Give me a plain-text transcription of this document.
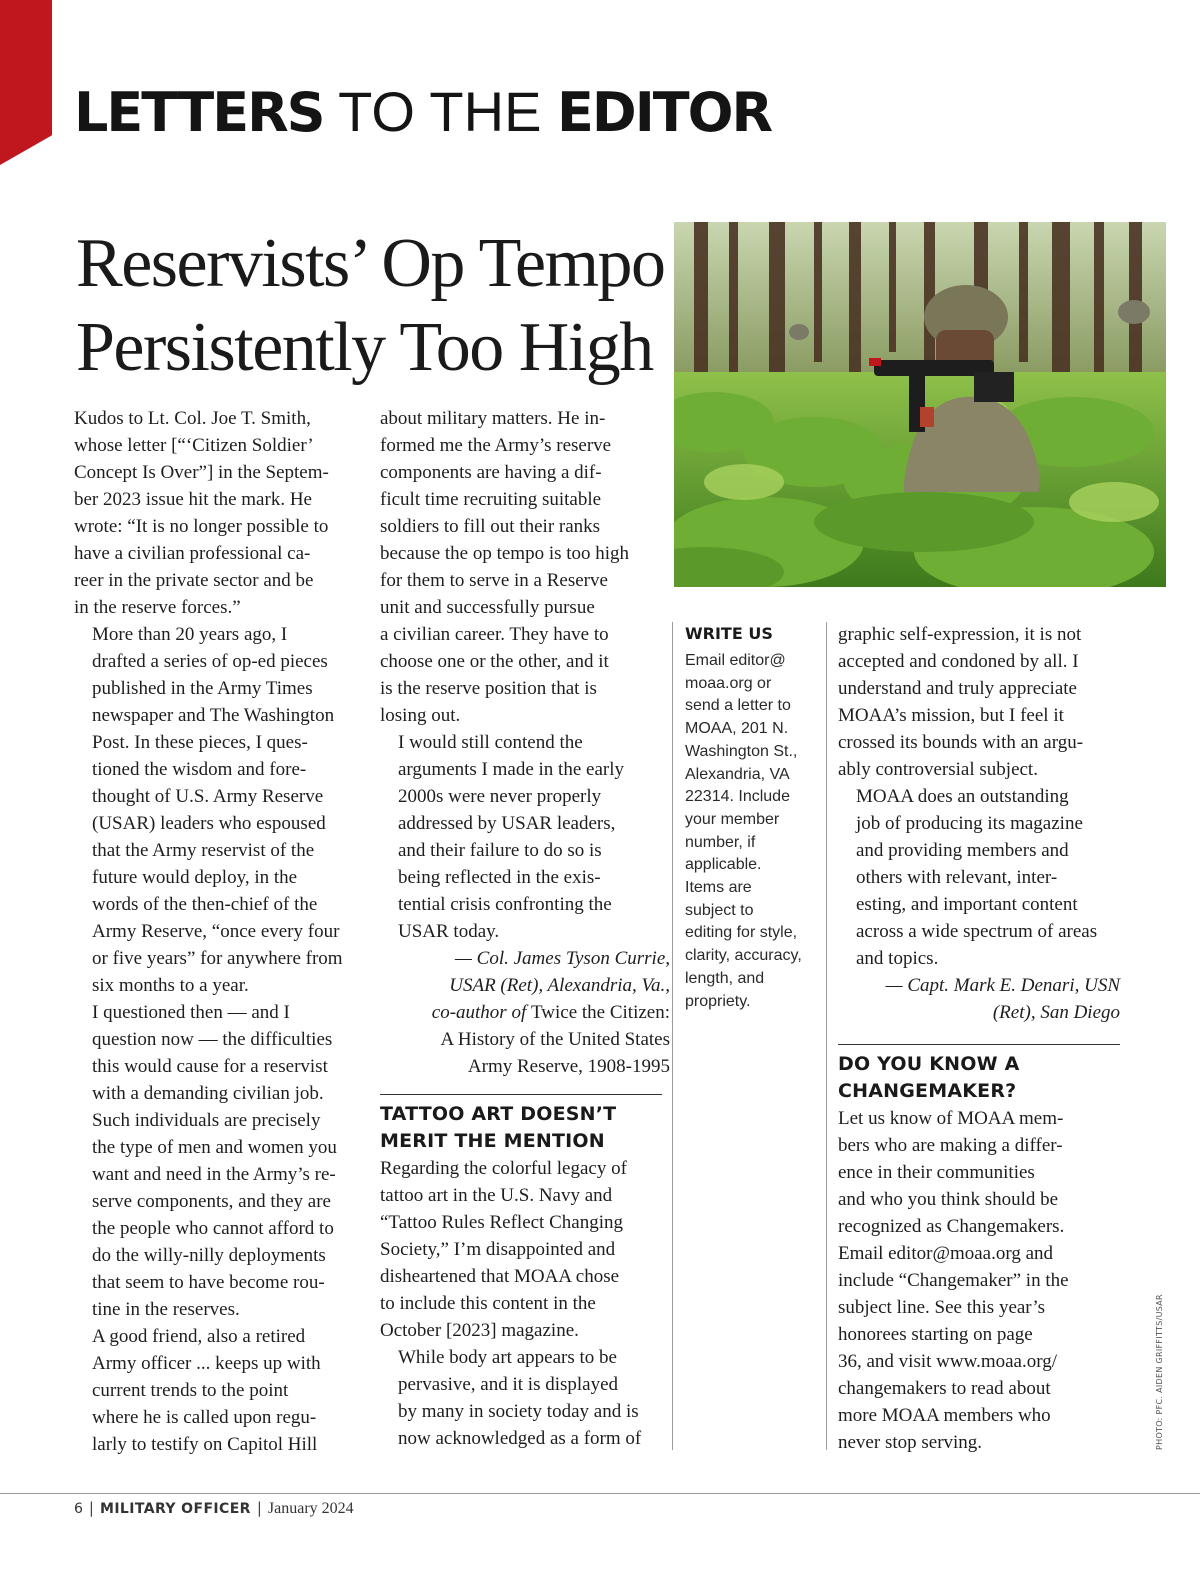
LETTERS TO THE EDITOR
Reservists’ Op Tempo
Persistently Too High

Kudos to Lt. Col. Joe T. Smith,
whose letter [“‘Citizen Soldier’
Concept Is Over”] in the Septem-
ber 2023 issue hit the mark. He
wrote: “It is no longer possible to
have a civilian professional ca-
reer in the private sector and be
in the reserve forces.”

More than 20 years ago, I
drafted a series of op-ed pieces
published in the Army Times
newspaper and The Washington
Post. In these pieces, I ques-
tioned the wisdom and fore-
thought of U.S. Army Reserve
(USAR) leaders who espoused
that the Army reservist of the
future would deploy, in the
words of the then-chief of the
Army Reserve, “once every four
or five years” for anywhere from
six months to a year.

I questioned then — and I
question now — the difficulties
this would cause for a reservist
with a demanding civilian job.
Such individuals are precisely
the type of men and women you
want and need in the Army’s re-
serve components, and they are
the people who cannot afford to
do the willy-nilly deployments
that seem to have become rou-
tine in the reserves.

A good friend, also a retired
Army officer ... keeps up with
current trends to the point
where he is called upon regu-
larly to testify on Capitol Hill

about military matters. He in-
formed me the Army’s reserve
components are having a dif-
ficult time recruiting suitable
soldiers to fill out their ranks
because the op tempo is too high
for them to serve in a Reserve
unit and successfully pursue
a civilian career. They have to
choose one or the other, and it
is the reserve position that is
losing out.

I would still contend the
arguments I made in the early
2000s were never properly
addressed by USAR leaders,
and their failure to do so is
being reflected in the exis-
tential crisis confronting the
USAR today.

— Col. James Tyson Currie,
USAR (Ret), Alexandria, Va.,
co-author of Twice the Citizen:
A History of the United States
Army Reserve, 1908-1995
TATTOO ART DOESN’T
MERIT THE MENTION

Regarding the colorful legacy of
tattoo art in the U.S. Navy and
“Tattoo Rules Reflect Changing
Society,” I’m disappointed and
disheartened that MOAA chose
to include this content in the
October [2023] magazine.

While body art appears to be
pervasive, and it is displayed
by many in society today and is
now acknowledged as a form of

WRITE US
Email editor@
moaa.org or
send a letter to
MOAA, 201 N.
Washington St.,
Alexandria, VA
22314. Include
your member
number, if
applicable.
Items are
subject to
editing for style,
clarity, accuracy,
length, and
propriety.

graphic self-expression, it is not
accepted and condoned by all. I
understand and truly appreciate
MOAA’s mission, but I feel it
crossed its bounds with an argu-
ably controversial subject.

MOAA does an outstanding
job of producing its magazine
and providing members and
others with relevant, inter-
esting, and important content
across a wide spectrum of areas
and topics.

— Capt. Mark E. Denari, USN
(Ret), San Diego
DO YOU KNOW A
CHANGEMAKER?

Let us know of MOAA mem-
bers who are making a differ-
ence in their communities
and who you think should be
recognized as Changemakers.
Email editor@moaa.org and
include “Changemaker” in the
subject line. See this year’s
honorees starting on page
36, and visit www.moaa.org/
changemakers to read about
more MOAA members who
never stop serving.	PHOTO: PFC. AIDEN GRIFFITTS/USAR
6 | MILITARY OFFICER | January 2024
